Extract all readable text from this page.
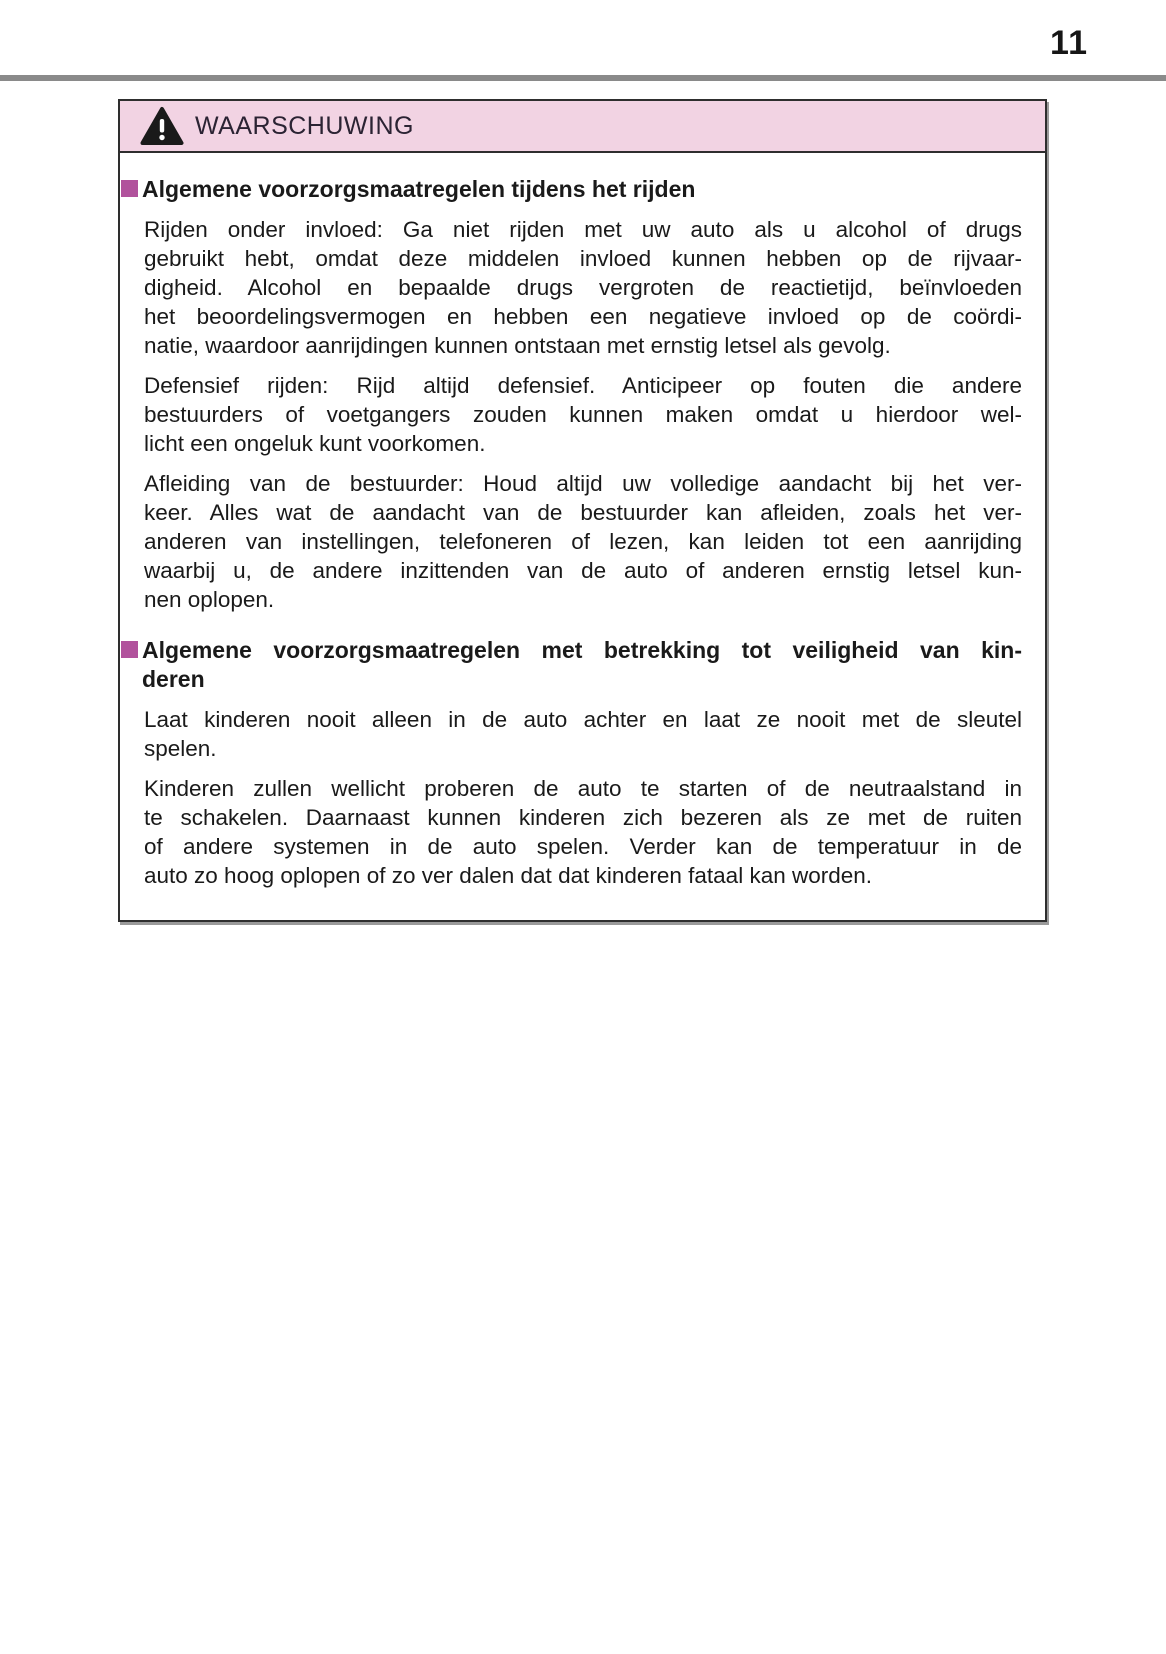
11
WAARSCHUWING
Algemene voorzorgsmaatregelen tijdens het rijden
Rijden onder invloed: Ga niet rijden met uw auto als u alcohol of drugs
gebruikt hebt, omdat deze middelen invloed kunnen hebben op de rijvaar-
digheid. Alcohol en bepaalde drugs vergroten de reactietijd, beïnvloeden
het beoordelingsvermogen en hebben een negatieve invloed op de coördi-
natie, waardoor aanrijdingen kunnen ontstaan met ernstig letsel als gevolg.
Defensief rijden: Rijd altijd defensief. Anticipeer op fouten die andere
bestuurders of voetgangers zouden kunnen maken omdat u hierdoor wel-
licht een ongeluk kunt voorkomen.
Afleiding van de bestuurder: Houd altijd uw volledige aandacht bij het ver-
keer. Alles wat de aandacht van de bestuurder kan afleiden, zoals het ver-
anderen van instellingen, telefoneren of lezen, kan leiden tot een aanrijding
waarbij u, de andere inzittenden van de auto of anderen ernstig letsel kun-
nen oplopen.
Algemene voorzorgsmaatregelen met betrekking tot veiligheid van kin-
deren
Laat kinderen nooit alleen in de auto achter en laat ze nooit met de sleutel
spelen.
Kinderen zullen wellicht proberen de auto te starten of de neutraalstand in
te schakelen. Daarnaast kunnen kinderen zich bezeren als ze met de ruiten
of andere systemen in de auto spelen. Verder kan de temperatuur in de
auto zo hoog oplopen of zo ver dalen dat dat kinderen fataal kan worden.
